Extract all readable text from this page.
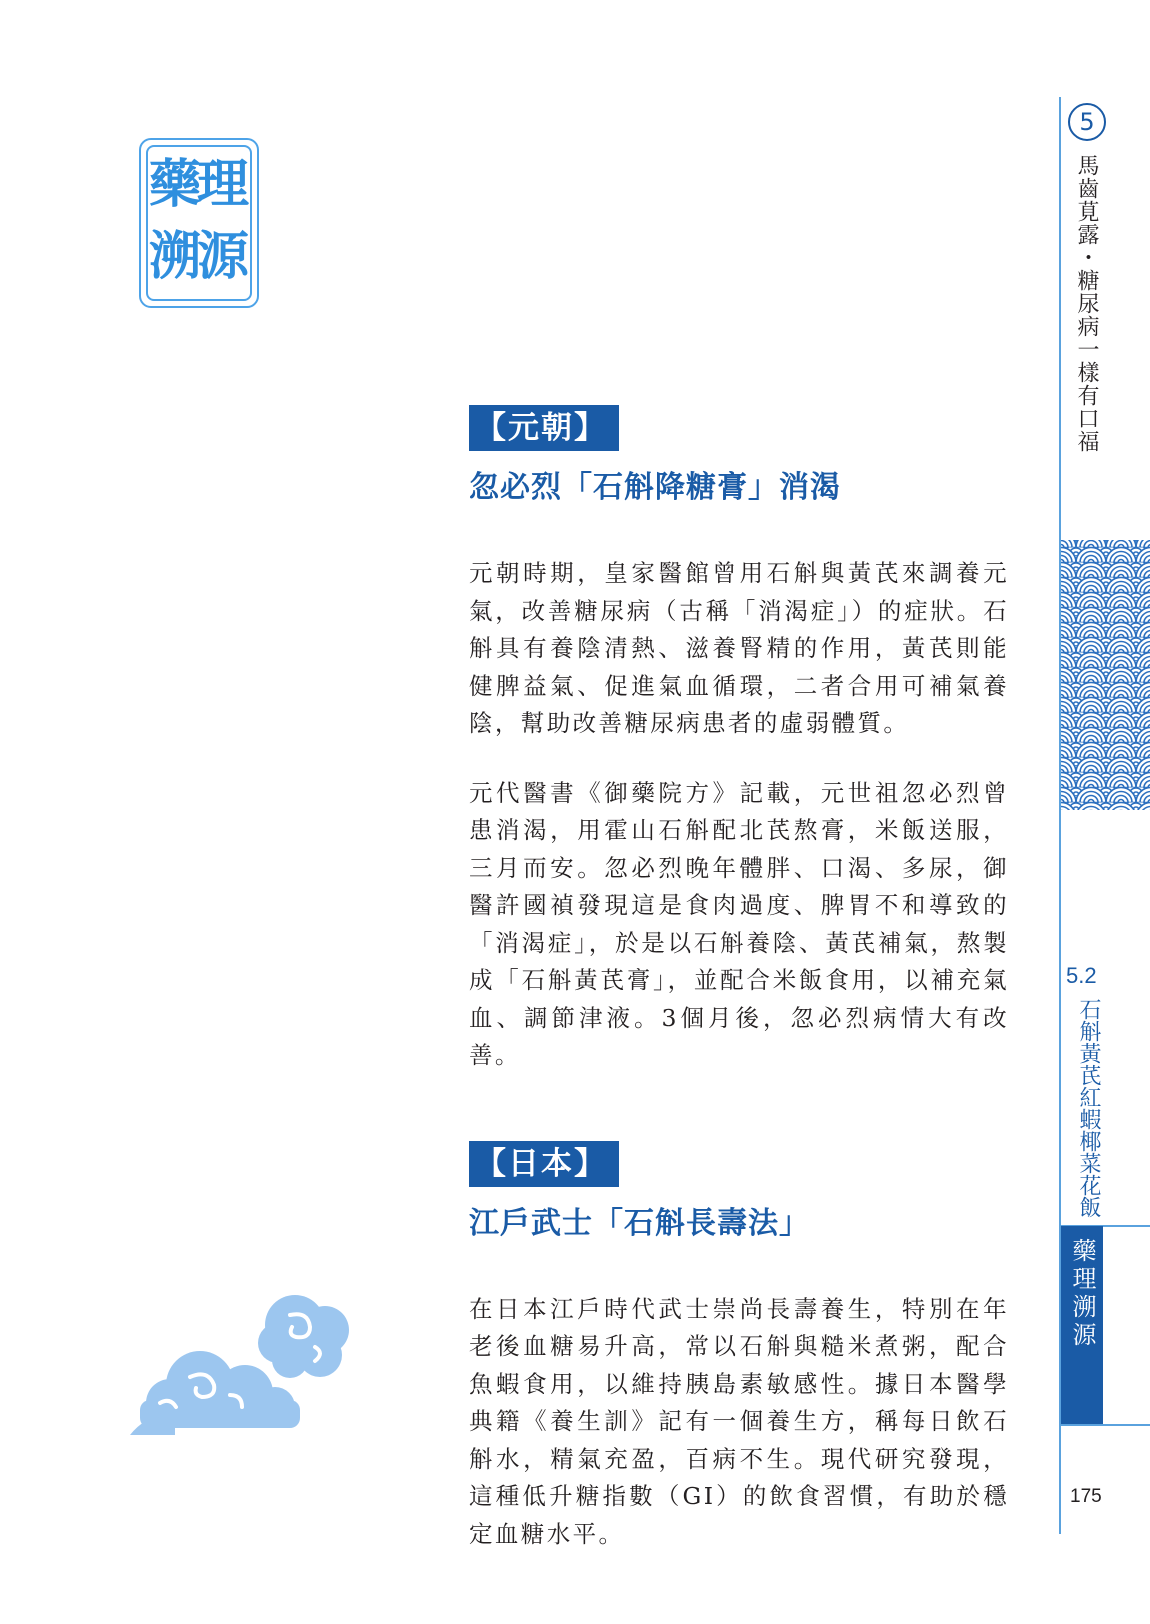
理
藥
源
溯
【元朝】
忽必烈「石斛降糖膏」消渴

元朝時期，皇家醫館曾用石斛與黃芪來調養元氣，改善糖尿病（古稱「消渴症」）的症狀。石斛具有養陰清熱、滋養腎精的作用，黃芪則能健脾益氣、促進氣血循環，二者合用可補氣養陰，幫助改善糖尿病患者的虛弱體質。

元代醫書《御藥院方》記載，元世祖忽必烈曾患消渴，用霍山石斛配北芪熬膏，米飯送服，三月而安。忽必烈晚年體胖、口渴、多尿，御醫許國禎發現這是食肉過度、脾胃不和導致的「消渴症」，於是以石斛養陰、黃芪補氣，熬製成「石斛黃芪膏」，並配合米飯食用，以補充氣血、調節津液。3個月後，忽必烈病情大有改善。

【日本】
江戶武士「石斛長壽法」

在日本江戶時代武士崇尚長壽養生，特別在年老後血糖易升高，常以石斛與糙米煮粥，配合魚蝦食用，以維持胰島素敏感性。據日本醫學典籍《養生訓》記有一個養生方，稱每日飲石斛水，精氣充盈，百病不生。現代研究發現，這種低升糖指數（GI）的飲食習慣，有助於穩定血糖水平。

5
馬齒莧露・糖尿病一樣有口福
5.2
石斛黃芪紅蝦椰菜花飯
藥理溯源
175
